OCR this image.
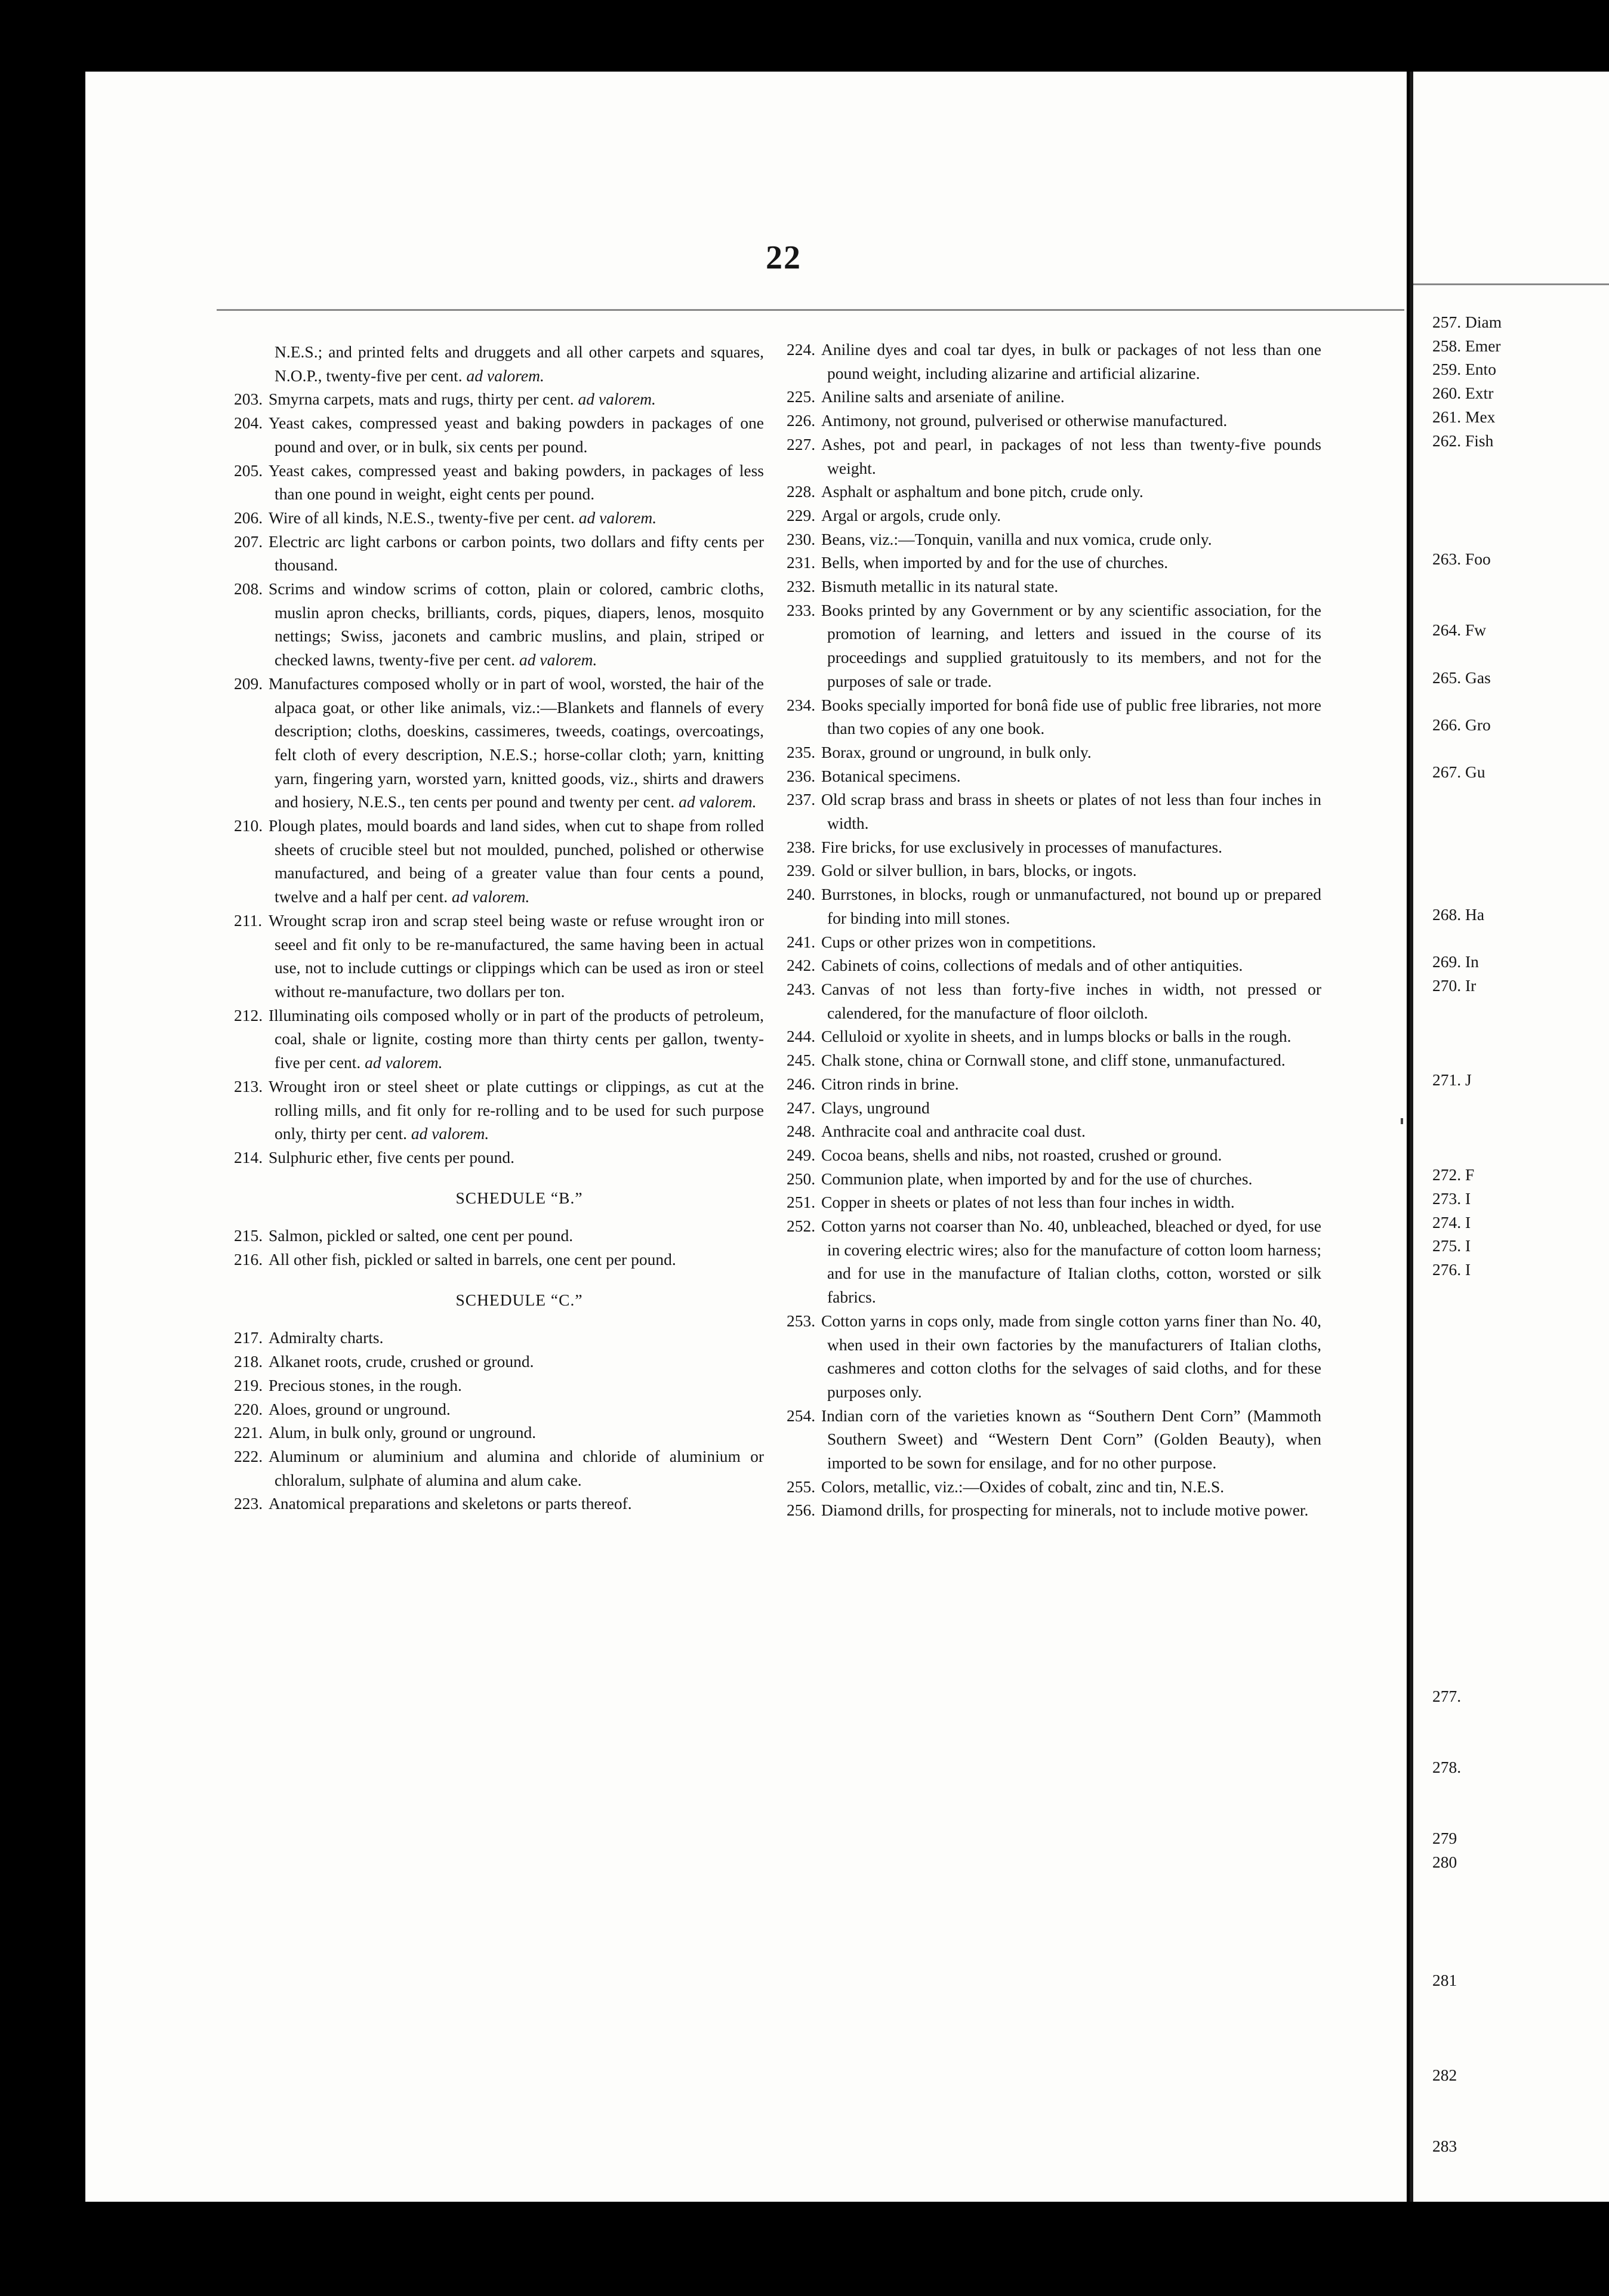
22

N.E.S.; and printed felts and druggets and all other carpets and squares, N.O.P., twenty-five per cent. ad valorem.

203. Smyrna carpets, mats and rugs, thirty per cent. ad valorem.

204. Yeast cakes, compressed yeast and baking powders in packages of one pound and over, or in bulk, six cents per pound.

205. Yeast cakes, compressed yeast and baking powders, in packages of less than one pound in weight, eight cents per pound.

206. Wire of all kinds, N.E.S., twenty-five per cent. ad valorem.

207. Electric arc light carbons or carbon points, two dollars and fifty cents per thousand.

208. Scrims and window scrims of cotton, plain or colored, cambric cloths, muslin apron checks, brilliants, cords, piques, diapers, lenos, mosquito nettings; Swiss, jaconets and cambric muslins, and plain, striped or checked lawns, twenty-five per cent. ad valorem.

209. Manufactures composed wholly or in part of wool, worsted, the hair of the alpaca goat, or other like animals, viz.:—Blankets and flannels of every description; cloths, doeskins, cassimeres, tweeds, coatings, overcoatings, felt cloth of every description, N.E.S.; horse-collar cloth; yarn, knitting yarn, fingering yarn, worsted yarn, knitted goods, viz., shirts and drawers and hosiery, N.E.S., ten cents per pound and twenty per cent. ad valorem.

210. Plough plates, mould boards and land sides, when cut to shape from rolled sheets of crucible steel but not moulded, punched, polished or otherwise manufactured, and being of a greater value than four cents a pound, twelve and a half per cent. ad valorem.

211. Wrought scrap iron and scrap steel being waste or refuse wrought iron or seeel and fit only to be re-manufactured, the same having been in actual use, not to include cuttings or clippings which can be used as iron or steel without re-manufacture, two dollars per ton.

212. Illuminating oils composed wholly or in part of the products of petroleum, coal, shale or lignite, costing more than thirty cents per gallon, twenty-five per cent. ad valorem.

213. Wrought iron or steel sheet or plate cuttings or clippings, as cut at the rolling mills, and fit only for re-rolling and to be used for such purpose only, thirty per cent. ad valorem.

214. Sulphuric ether, five cents per pound.

SCHEDULE “B.”

215. Salmon, pickled or salted, one cent per pound.

216. All other fish, pickled or salted in barrels, one cent per pound.

SCHEDULE “C.”

217. Admiralty charts.

218. Alkanet roots, crude, crushed or ground.

219. Precious stones, in the rough.

220. Aloes, ground or unground.

221. Alum, in bulk only, ground or unground.

222. Aluminum or aluminium and alumina and chloride of aluminium or chloralum, sulphate of alumina and alum cake.

223. Anatomical preparations and skeletons or parts thereof.

224. Aniline dyes and coal tar dyes, in bulk or packages of not less than one pound weight, including alizarine and artificial alizarine.

225. Aniline salts and arseniate of aniline.

226. Antimony, not ground, pulverised or otherwise manufactured.

227. Ashes, pot and pearl, in packages of not less than twenty-five pounds weight.

228. Asphalt or asphaltum and bone pitch, crude only.

229. Argal or argols, crude only.

230. Beans, viz.:—Tonquin, vanilla and nux vomica, crude only.

231. Bells, when imported by and for the use of churches.

232. Bismuth metallic in its natural state.

233. Books printed by any Government or by any scientific association, for the promotion of learning, and letters and issued in the course of its proceedings and supplied gratuitously to its members, and not for the purposes of sale or trade.

234. Books specially imported for bonâ fide use of public free libraries, not more than two copies of any one book.

235. Borax, ground or unground, in bulk only.

236. Botanical specimens.

237. Old scrap brass and brass in sheets or plates of not less than four inches in width.

238. Fire bricks, for use exclusively in processes of manufactures.

239. Gold or silver bullion, in bars, blocks, or ingots.

240. Burrstones, in blocks, rough or unmanufactured, not bound up or prepared for binding into mill stones.

241. Cups or other prizes won in competitions.

242. Cabinets of coins, collections of medals and of other antiquities.

243. Canvas of not less than forty-five inches in width, not pressed or calendered, for the manufacture of floor oilcloth.

244. Celluloid or xyolite in sheets, and in lumps blocks or balls in the rough.

245. Chalk stone, china or Cornwall stone, and cliff stone, unmanufactured.

246. Citron rinds in brine.

247. Clays, unground

248. Anthracite coal and anthracite coal dust.

249. Cocoa beans, shells and nibs, not roasted, crushed or ground.

250. Communion plate, when imported by and for the use of churches.

251. Copper in sheets or plates of not less than four inches in width.

252. Cotton yarns not coarser than No. 40, unbleached, bleached or dyed, for use in covering electric wires; also for the manufacture of cotton loom harness; and for use in the manufacture of Italian cloths, cotton, worsted or silk fabrics.

253. Cotton yarns in cops only, made from single cotton yarns finer than No. 40, when used in their own factories by the manufacturers of Italian cloths, cashmeres and cotton cloths for the selvages of said cloths, and for these purposes only.

254. Indian corn of the varieties known as “Southern Dent Corn” (Mammoth Southern Sweet) and “Western Dent Corn” (Golden Beauty), when imported to be sown for ensilage, and for no other purpose.

255. Colors, metallic, viz.:—Oxides of cobalt, zinc and tin, N.E.S.

256. Diamond drills, for prospecting for minerals, not to include motive power.

257. Diam
258. Emer
259. Ento
260. Extr
261. Mex
262. Fish
263. Foo
264. Fw
265. Gas
266. Gro
267. Gu
268. Ha
269. In
270. Ir
271. J
272. F
273. I
274. I
275. I
276. I
277.
278.
279
280
281
282
283
